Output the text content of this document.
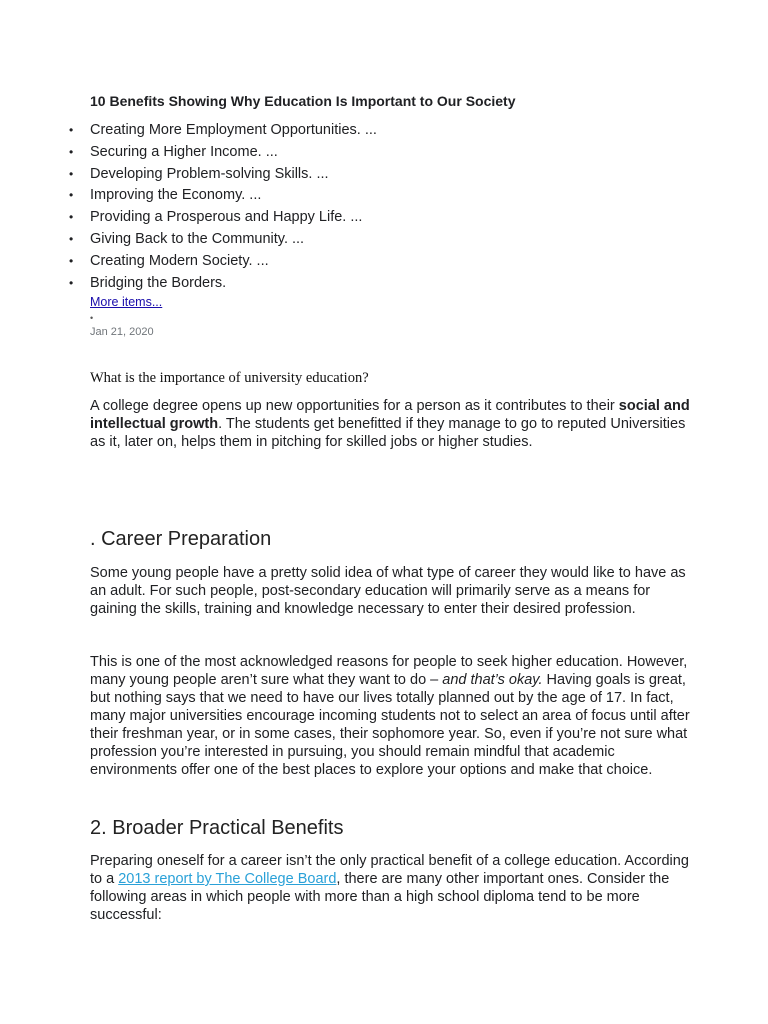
10 Benefits Showing Why Education Is Important to Our Society
• Creating More Employment Opportunities. ...
• Securing a Higher Income. ...
• Developing Problem-solving Skills. ...
• Improving the Economy. ...
• Providing a Prosperous and Happy Life. ...
• Giving Back to the Community. ...
• Creating Modern Society. ...
• Bridging the Borders.
More items...
•
Jan 21, 2020
What is the importance of university education?
A college degree opens up new opportunities for a person as it contributes to their social and intellectual growth. The students get benefitted if they manage to go to reputed Universities as it, later on, helps them in pitching for skilled jobs or higher studies.
. Career Preparation
Some young people have a pretty solid idea of what type of career they would like to have as an adult. For such people, post-secondary education will primarily serve as a means for gaining the skills, training and knowledge necessary to enter their desired profession.
This is one of the most acknowledged reasons for people to seek higher education. However, many young people aren’t sure what they want to do – and that’s okay. Having goals is great, but nothing says that we need to have our lives totally planned out by the age of 17. In fact, many major universities encourage incoming students not to select an area of focus until after their freshman year, or in some cases, their sophomore year. So, even if you’re not sure what profession you’re interested in pursuing, you should remain mindful that academic environments offer one of the best places to explore your options and make that choice.
2. Broader Practical Benefits
Preparing oneself for a career isn’t the only practical benefit of a college education. According to a 2013 report by The College Board, there are many other important ones. Consider the following areas in which people with more than a high school diploma tend to be more successful:
